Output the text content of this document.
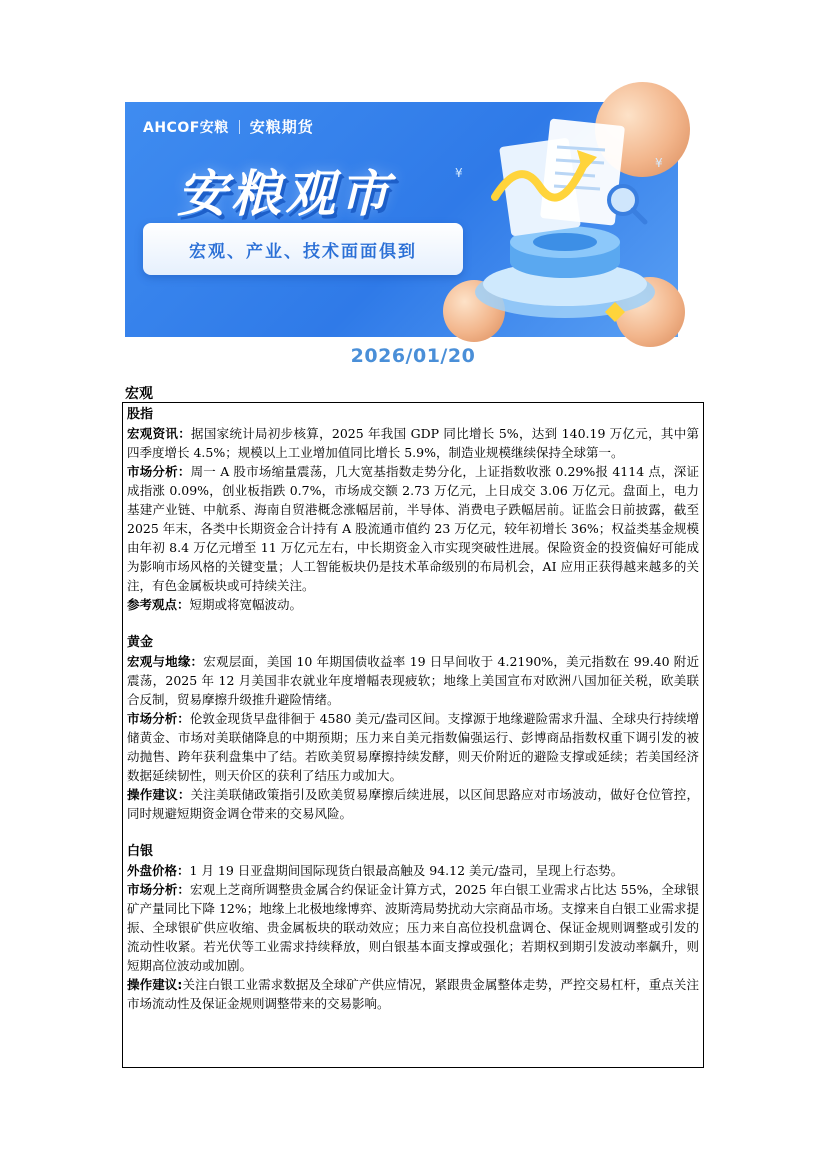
AHCOF安粮 安粮期货
安粮观市
宏观、产业、技术面面俱到
¥
¥
2026/01/20
宏观

股指

宏观资讯：据国家统计局初步核算，2025 年我国 GDP 同比增长 5%，达到 140.19 万亿元，其中第四季度增长 4.5%；规模以上工业增加值同比增长 5.9%，制造业规模继续保持全球第一。

市场分析：周一 A 股市场缩量震荡，几大宽基指数走势分化，上证指数收涨 0.29%报 4114 点，深证成指涨 0.09%，创业板指跌 0.7%，市场成交额 2.73 万亿元，上日成交 3.06 万亿元。盘面上，电力基建产业链、中航系、海南自贸港概念涨幅居前，半导体、消费电子跌幅居前。证监会日前披露，截至 2025 年末，各类中长期资金合计持有 A 股流通市值约 23 万亿元，较年初增长 36%；权益类基金规模由年初 8.4 万亿元增至 11 万亿元左右，中长期资金入市实现突破性进展。保险资金的投资偏好可能成为影响市场风格的关键变量；人工智能板块仍是技术革命级别的布局机会，AI 应用正获得越来越多的关注，有色金属板块或可持续关注。

参考观点：短期或将宽幅波动。

黄金

宏观与地缘：宏观层面，美国 10 年期国债收益率 19 日早间收于 4.2190%，美元指数在 99.40 附近震荡，2025 年 12 月美国非农就业年度增幅表现疲软；地缘上美国宣布对欧洲八国加征关税，欧美联合反制，贸易摩擦升级推升避险情绪。

市场分析：伦敦金现货早盘徘徊于 4580 美元/盎司区间。支撑源于地缘避险需求升温、全球央行持续增储黄金、市场对美联储降息的中期预期；压力来自美元指数偏强运行、彭博商品指数权重下调引发的被动抛售、跨年获利盘集中了结。若欧美贸易摩擦持续发酵，则天价附近的避险支撑或延续；若美国经济数据延续韧性，则天价区的获利了结压力或加大。

操作建议：关注美联储政策指引及欧美贸易摩擦后续进展，以区间思路应对市场波动，做好仓位管控，同时规避短期资金调仓带来的交易风险。

白银

外盘价格：1 月 19 日亚盘期间国际现货白银最高触及 94.12 美元/盎司，呈现上行态势。

市场分析：宏观上芝商所调整贵金属合约保证金计算方式，2025 年白银工业需求占比达 55%，全球银矿产量同比下降 12%；地缘上北极地缘博弈、波斯湾局势扰动大宗商品市场。支撑来自白银工业需求提振、全球银矿供应收缩、贵金属板块的联动效应；压力来自高位投机盘调仓、保证金规则调整或引发的流动性收紧。若光伏等工业需求持续释放，则白银基本面支撑或强化；若期权到期引发波动率飙升，则短期高位波动或加剧。

操作建议:关注白银工业需求数据及全球矿产供应情况，紧跟贵金属整体走势，严控交易杠杆，重点关注市场流动性及保证金规则调整带来的交易影响。
